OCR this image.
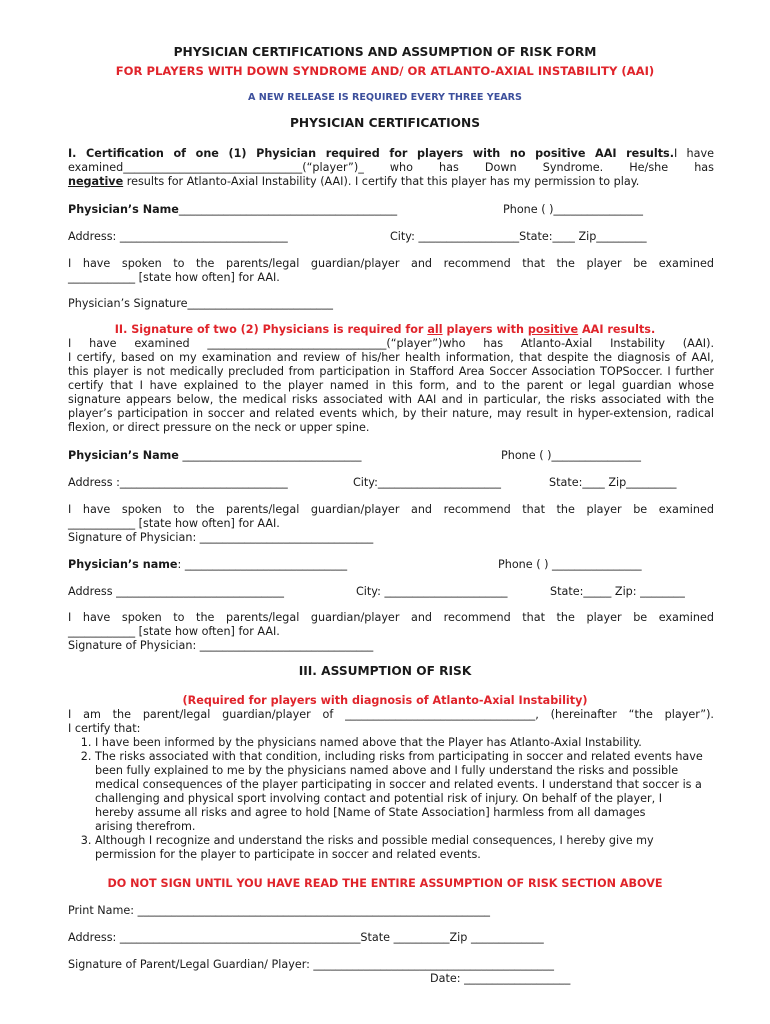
PHYSICIAN CERTIFICATIONS AND ASSUMPTION OF RISK FORM
FOR PLAYERS WITH DOWN SYNDROME AND/ OR ATLANTO-AXIAL INSTABILITY (AAI)
A NEW RELEASE IS REQUIRED EVERY THREE YEARS
PHYSICIAN CERTIFICATIONS
I. Certification of one (1) Physician required for players with no positive AAI results.I have
examined________________________________(“player”)_ who has Down Syndrome. He/she has
negative results for Atlanto-Axial Instability (AAI). I certify that this player has my permission to play.
Physician’s Name_______________________________________	Phone ( )________________
Address: ______________________________	City: __________________State:____ Zip_________
I have spoken to the parents/legal guardian/player and recommend that the player be examined
____________ [state how often] for AAI.
Physician’s Signature__________________________
II. Signature of two (2) Physicians is required for all players with positive AAI results.
I have examined ________________________________(“player”)who has Atlanto-Axial Instability (AAI).
I certify, based on my examination and review of his/her health information, that despite the diagnosis of AAI,
this player is not medically precluded from participation in Stafford Area Soccer Association TOPSoccer. I further
certify that I have explained to the player named in this form, and to the parent or legal guardian whose
signature appears below, the medical risks associated with AAI and in particular, the risks associated with the
player’s participation in soccer and related events which, by their nature, may result in hyper-extension, radical
flexion, or direct pressure on the neck or upper spine.
Physician’s Name ________________________________	Phone ( )________________
Address :______________________________	City:______________________	State:____ Zip_________
I have spoken to the parents/legal guardian/player and recommend that the player be examined
____________ [state how often] for AAI.
Signature of Physician: _______________________________
Physician’s name: _____________________________	Phone ( ) ________________
Address ______________________________	City: ______________________	State:_____ Zip: ________
I have spoken to the parents/legal guardian/player and recommend that the player be examined
____________ [state how often] for AAI.
Signature of Physician: _______________________________
III. ASSUMPTION OF RISK
(Required for players with diagnosis of Atlanto-Axial Instability)
I am the parent/legal guardian/player of __________________________________, (hereinafter “the player”).
I certify that:
1. I have been informed by the physicians named above that the Player has Atlanto-Axial Instability.
2. The risks associated with that condition, including risks from participating in soccer and related events have
been fully explained to me by the physicians named above and I fully understand the risks and possible
medical consequences of the player participating in soccer and related events. I understand that soccer is a
challenging and physical sport involving contact and potential risk of injury. On behalf of the player, I
hereby assume all risks and agree to hold [Name of State Association] harmless from all damages
arising therefrom.
3. Although I recognize and understand the risks and possible medial consequences, I hereby give my
permission for the player to participate in soccer and related events.
DO NOT SIGN UNTIL YOU HAVE READ THE ENTIRE ASSUMPTION OF RISK SECTION ABOVE
Print Name: _______________________________________________________________
Address: ___________________________________________State __________Zip _____________
Signature of Parent/Legal Guardian/ Player: ___________________________________________
Date: ___________________
